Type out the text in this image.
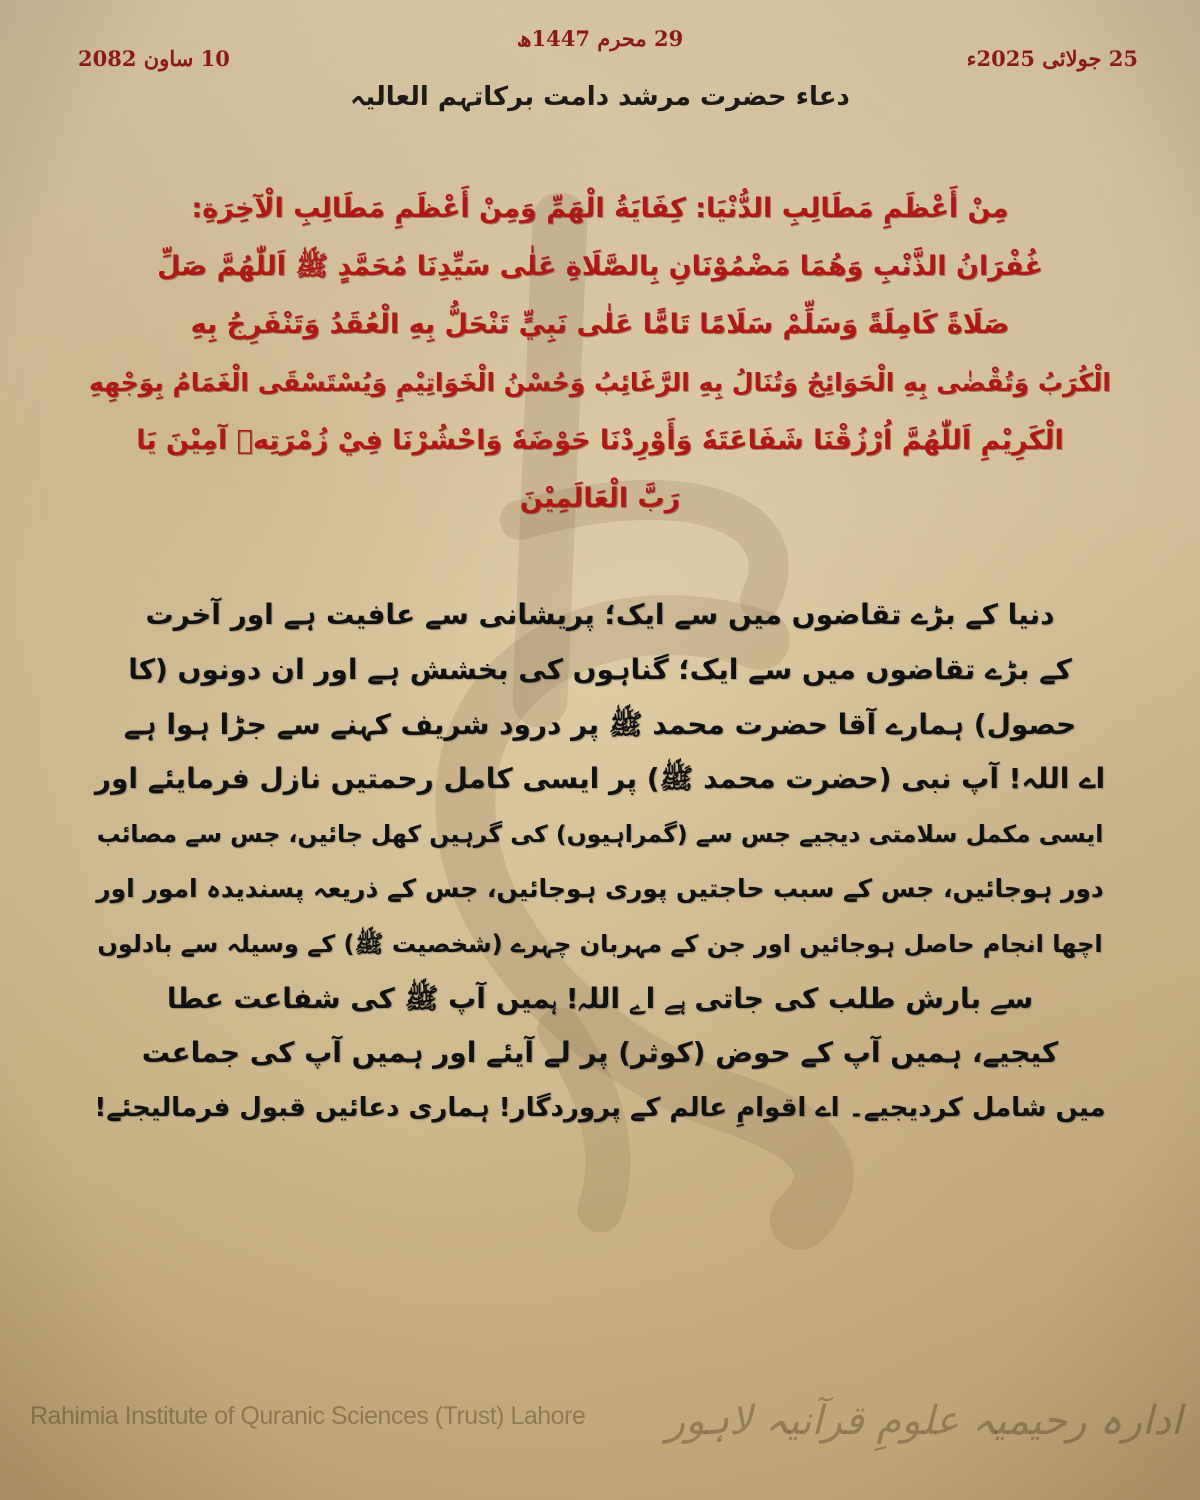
29 محرم 1447ھ
10 ساون 2082	25 جولائی 2025ء
دعاء حضرت مرشد دامت برکاتہم العالیہ
مِنْ أَعْظَمِ مَطَالِبِ الدُّنْيَا: كِفَايَةُ الْهَمِّ وَمِنْ أَعْظَمِ مَطَالِبِ الْآخِرَةِ:
غُفْرَانُ الذَّنْبِ وَهُمَا مَضْمُوْنَانِ بِالصَّلَاةِ عَلٰى سَيِّدِنَا مُحَمَّدٍ ﷺ اَللّٰهُمَّ صَلِّ
صَلَاةً كَامِلَةً وَسَلِّمْ سَلَامًا تَامًّا عَلٰى نَبِيٍّ تَنْحَلُّ بِهِ الْعُقَدُ وَتَنْفَرِجُ بِهِ
الْكُرَبُ وَتُقْضٰى بِهِ الْحَوَائِجُ وَتُنَالُ بِهِ الرَّغَائِبُ وَحُسْنُ الْخَوَاتِيْمِ وَيُسْتَسْقَى الْغَمَامُ بِوَجْهِهِ
الْكَرِيْمِ اَللّٰهُمَّ اُرْزُقْنَا شَفَاعَتَهٗ وَأَوْرِدْنَا حَوْضَهٗ وَاحْشُرْنَا فِيْ زُمْرَتِهٖ آمِيْنَ يَا
رَبَّ الْعَالَمِيْنَ
دنیا کے بڑے تقاضوں میں سے ایک؛ پریشانی سے عافیت ہے اور آخرت
کے بڑے تقاضوں میں سے ایک؛ گناہوں کی بخشش ہے اور ان دونوں (کا
حصول) ہمارے آقا حضرت محمد ﷺ پر درود شریف کہنے سے جڑا ہوا ہے
اے اللہ! آپ نبی (حضرت محمد ﷺ) پر ایسی کامل رحمتیں نازل فرمایئے اور
ایسی مکمل سلامتی دیجیے جس سے (گمراہیوں) کی گرہیں کھل جائیں، جس سے مصائب
دور ہوجائیں، جس کے سبب حاجتیں پوری ہوجائیں، جس کے ذریعہ پسندیدہ امور اور
اچھا انجام حاصل ہوجائیں اور جن کے مہربان چہرے (شخصیت ﷺ) کے وسیلہ سے بادلوں
سے بارش طلب کی جاتی ہے اے اللہ! ہمیں آپ ﷺ کی شفاعت عطا
کیجیے، ہمیں آپ کے حوض (کوثر) پر لے آیئے اور ہمیں آپ کی جماعت
میں شامل کردیجیے۔ اے اقوامِ عالم کے پروردگار! ہماری دعائیں قبول فرمالیجئے!
Rahimia Institute of Quranic Sciences (Trust) Lahore ادارہ رحیمیہ علومِ قرآنیہ لاہور
